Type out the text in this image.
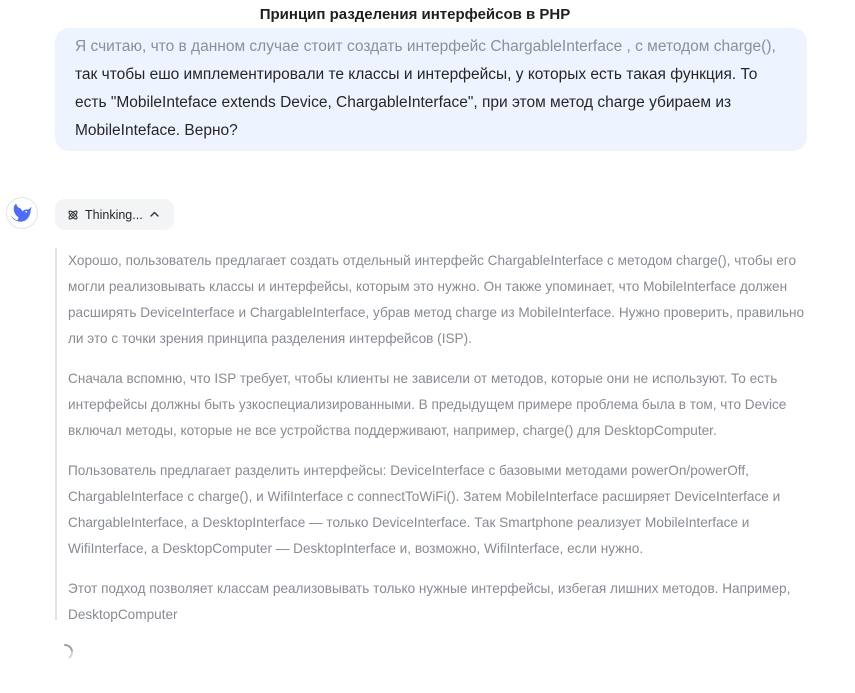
Принцип разделения интерфейсов в PHP

Я считаю, что в данном случае стоит создать интерфейс ChargableInterface , с методом charge(), так чтобы ешо имплементировали те классы и интерфейсы, у которых есть такая функция. То есть "MobileInteface extends Device, ChargableInterface", при этом метод charge убираем из MobileInteface. Верно?

Thinking...

Хорошо, пользователь предлагает создать отдельный интерфейс ChargableInterface с методом charge(), чтобы его могли реализовывать классы и интерфейсы, которым это нужно. Он также упоминает, что MobileInterface должен расширять DeviceInterface и ChargableInterface, убрав метод charge из MobileInterface. Нужно проверить, правильно ли это с точки зрения принципа разделения интерфейсов (ISP).

Сначала вспомню, что ISP требует, чтобы клиенты не зависели от методов, которые они не используют. То есть интерфейсы должны быть узкоспециализированными. В предыдущем примере проблема была в том, что Device включал методы, которые не все устройства поддерживают, например, charge() для DesktopComputer.

Пользователь предлагает разделить интерфейсы: DeviceInterface с базовыми методами powerOn/powerOff, ChargableInterface с charge(), и WifiInterface с connectToWiFi(). Затем MobileInterface расширяет DeviceInterface и ChargableInterface, а DesktopInterface — только DeviceInterface. Так Smartphone реализует MobileInterface и WifiInterface, а DesktopComputer — DesktopInterface и, возможно, WifiInterface, если нужно.

Этот подход позволяет классам реализовывать только нужные интерфейсы, избегая лишних методов. Например, DesktopComputer
